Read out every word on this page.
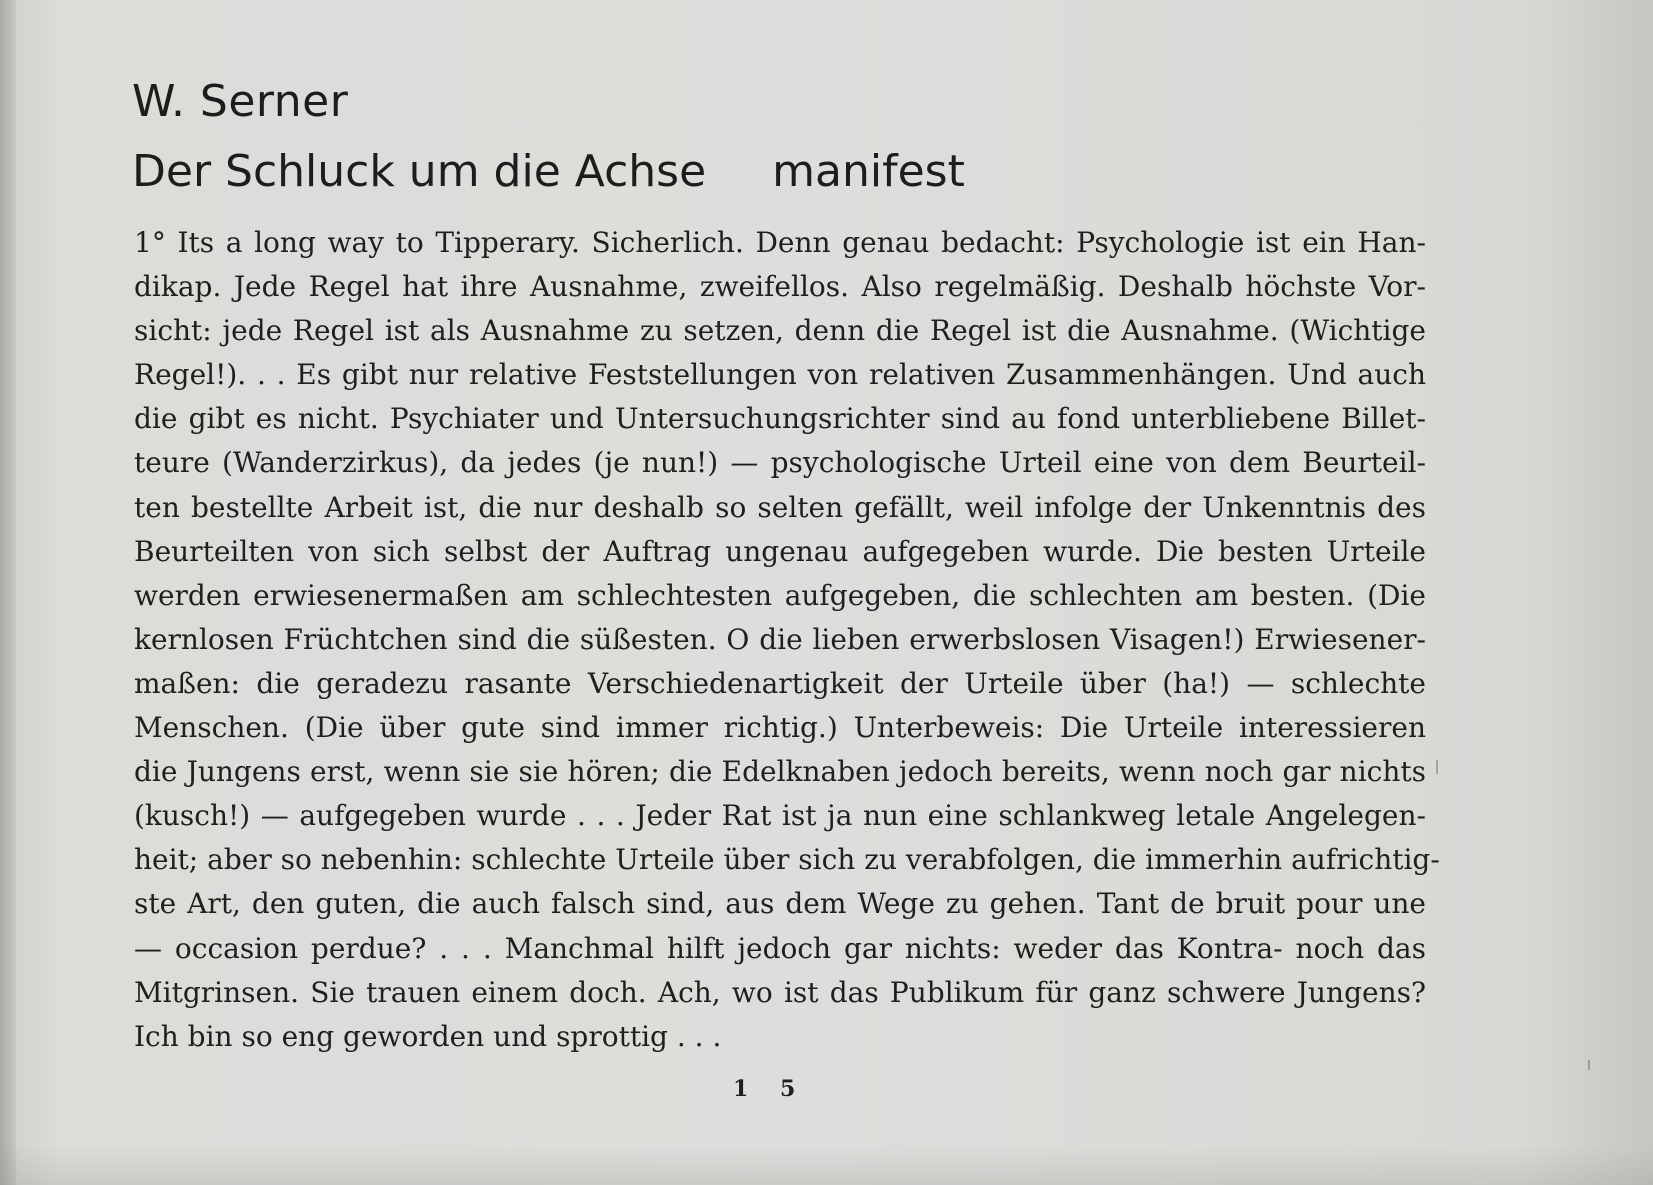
W. Serner
Der Schluck um die Achse manifest
1° Its a long way to Tipperary. Sicherlich. Denn genau bedacht: Psychologie ist ein Han-
dikap. Jede Regel hat ihre Ausnahme, zweifellos. Also regelmäßig. Deshalb höchste Vor-
sicht: jede Regel ist als Ausnahme zu setzen, denn die Regel ist die Ausnahme. (Wichtige
Regel!). . . Es gibt nur relative Feststellungen von relativen Zusammenhängen. Und auch
die gibt es nicht. Psychiater und Untersuchungsrichter sind au fond unterbliebene Billet-
teure (Wanderzirkus), da jedes (je nun!) — psychologische Urteil eine von dem Beurteil-
ten bestellte Arbeit ist, die nur deshalb so selten gefällt, weil infolge der Unkenntnis des
Beurteilten von sich selbst der Auftrag ungenau aufgegeben wurde. Die besten Urteile
werden erwiesenermaßen am schlechtesten aufgegeben, die schlechten am besten. (Die
kernlosen Früchtchen sind die süßesten. O die lieben erwerbslosen Visagen!) Erwiesener-
maßen: die geradezu rasante Verschiedenartigkeit der Urteile über (ha!) — schlechte
Menschen. (Die über gute sind immer richtig.) Unterbeweis: Die Urteile interessieren
die Jungens erst, wenn sie sie hören; die Edelknaben jedoch bereits, wenn noch gar nichts
(kusch!) — aufgegeben wurde . . . Jeder Rat ist ja nun eine schlankweg letale Angelegen-
heit; aber so nebenhin: schlechte Urteile über sich zu verabfolgen, die immerhin aufrichtig-
ste Art, den guten, die auch falsch sind, aus dem Wege zu gehen. Tant de bruit pour une
— occasion perdue? . . . Manchmal hilft jedoch gar nichts: weder das Kontra- noch das
Mitgrinsen. Sie trauen einem doch. Ach, wo ist das Publikum für ganz schwere Jungens?
Ich bin so eng geworden und sprottig . . .

1 5
